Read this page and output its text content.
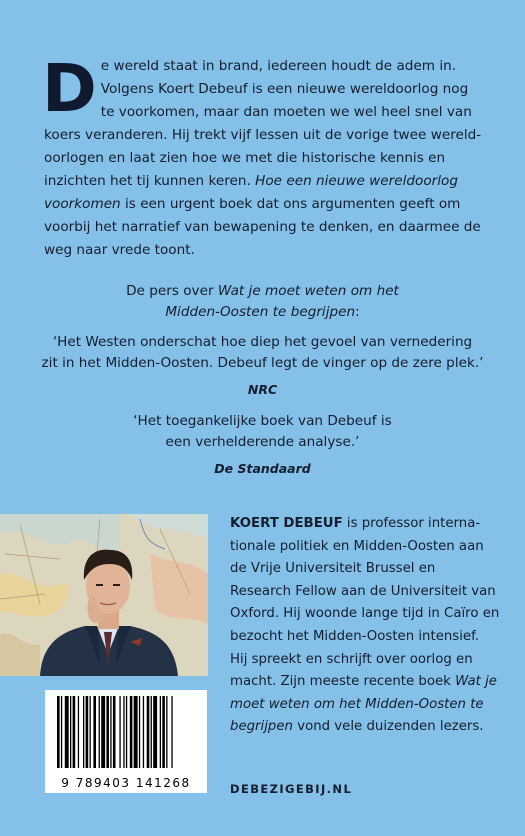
D e wereld staat in brand, iedereen houdt de adem in. Volgens Koert Debeuf is een nieuwe wereldoorlog nog te voorkomen, maar dan moeten we wel heel snel van koers veranderen. Hij trekt vijf lessen uit de vorige twee wereldoorlogen en laat zien hoe we met die historische kennis en inzichten het tij kunnen keren. Hoe een nieuwe wereldoorlog voorkomen is een urgent boek dat ons argumenten geeft om voorbij het narratief van bewapening te denken, en daarmee de weg naar vrede toont.

De pers over Wat je moet weten om het
Midden-Oosten te begrijpen:
‘Het Westen onderschat hoe diep het gevoel van vernedering
zit in het Midden-Oosten. Debeuf legt de vinger op de zere plek.’
NRC
‘Het toegankelijke boek van Debeuf is
een verhelderende analyse.’
De Standaard
9 789403 141268
KOERT DEBEUF is professor internationale politiek en Midden-Oosten aan de Vrije Universiteit Brussel en Research Fellow aan de Universiteit van Oxford. Hij woonde lange tijd in Caïro en bezocht het Midden-Oosten intensief. Hij spreekt en schrijft over oorlog en macht. Zijn meeste recente boek Wat je moet weten om het Midden-Oosten te begrijpen vond vele duizenden lezers.
DEBEZIGEBIJ.NL
